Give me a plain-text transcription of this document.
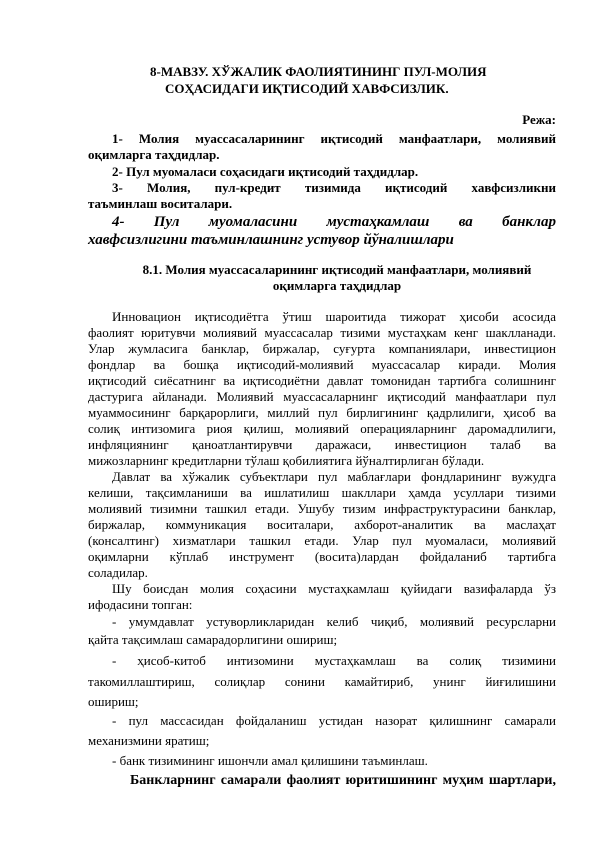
8-МАВЗУ. ХЎЖАЛИК ФАОЛИЯТИНИНГ ПУЛ-МОЛИЯ
СОҲАСИДАГИ ИҚТИСОДИЙ ХАВФСИЗЛИК.
Режа:
1- Молия муассасаларининг иқтисодий манфаатлари, молиявий
оқимларга таҳдидлар.
2- Пул муомаласи соҳасидаги иқтисодий таҳдидлар.
3- Молия, пул-кредит тизимида иқтисодий хавфсизликни
таъминлаш воситалари.
4- Пул муомаласини мустаҳкамлаш ва банклар
хавфсизлигини таъминлашнинг устувор йўналишлари
8.1. Молия муассасаларининг иқтисодий манфаатлари, молиявий
оқимларга таҳдидлар
Инновацион иқтисодиётга ўтиш шароитида тижорат ҳисоби асосида
фаолият юритувчи молиявий муассасалар тизими мустаҳкам кенг шаклланади.
Улар жумласига банклар, биржалар, суғурта компаниялари, инвестицион
фондлар ва бошқа иқтисодий-молиявий муассасалар киради. Молия
иқтисодий сиёсатнинг ва иқтисодиётни давлат томонидан тартибга солишнинг
дастурига айланади. Молиявий муассасаларнинг иқтисодий манфаатлари пул
муаммосининг барқарорлиги, миллий пул бирлигининг қадрлилиги, ҳисоб ва
солиқ интизомига риоя қилиш, молиявий операцияларнинг даромадлилиги,
инфляциянинг қаноатлантирувчи даражаси, инвестицион талаб ва
мижозларнинг кредитларни тўлаш қобилиятига йўналтирлиган бўлади.
Давлат ва хўжалик субъектлари пул маблағлари фондларининг вужудга
келиши, тақсимланиши ва ишлатилиш шакллари ҳамда усуллари тизими
молиявий тизимни ташкил етади. Ушубу тизим инфраструктурасини банклар,
биржалар, коммуникация воситалари, ахборот-аналитик ва маслаҳат
(консалтинг) хизматлари ташкил етади. Улар пул муомаласи, молиявий
оқимларни кўплаб инструмент (восита)лардан фойдаланиб тартибга
соладилар.
Шу боисдан молия соҳасини мустаҳкамлаш қуйидаги вазифаларда ўз
ифодасини топган:
- умумдавлат устуворликларидан келиб чиқиб, молиявий ресурсларни
қайта тақсимлаш самарадорлигини ошириш;
- ҳисоб-китоб интизомини мустаҳкамлаш ва солиқ тизимини
такомиллаштириш, солиқлар сонини камайтириб, унинг йиғилишини
ошириш;
- пул массасидан фойдаланиш устидан назорат қилишнинг самарали
механизмини яратиш;
- банк тизимининг ишончли амал қилишини таъминлаш.
Банкларнинг самарали фаолият юритишининг муҳим шартлари,
